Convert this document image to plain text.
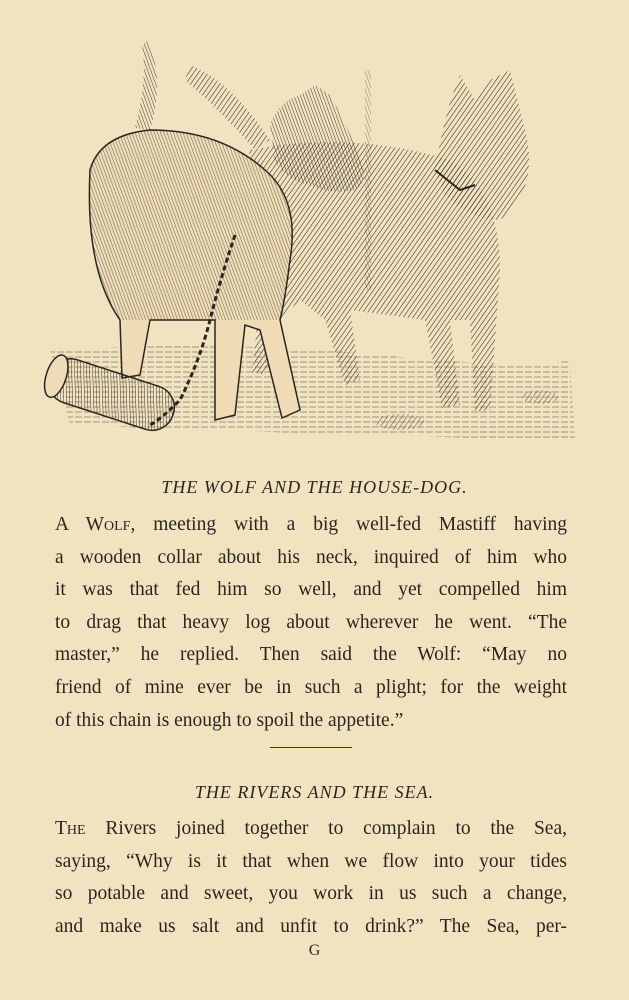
THE WOLF AND THE HOUSE-DOG.
A Wolf, meeting with a big well-fed Mastiff having
a wooden collar about his neck, inquired of him who
it was that fed him so well, and yet compelled him
to drag that heavy log about wherever he went. “The
master,” he replied. Then said the Wolf: “May no
friend of mine ever be in such a plight; for the weight
of this chain is enough to spoil the appetite.”
THE RIVERS AND THE SEA.
The Rivers joined together to complain to the Sea,
saying, “Why is it that when we flow into your tides
so potable and sweet, you work in us such a change,
and make us salt and unfit to drink?” The Sea, per-
G
